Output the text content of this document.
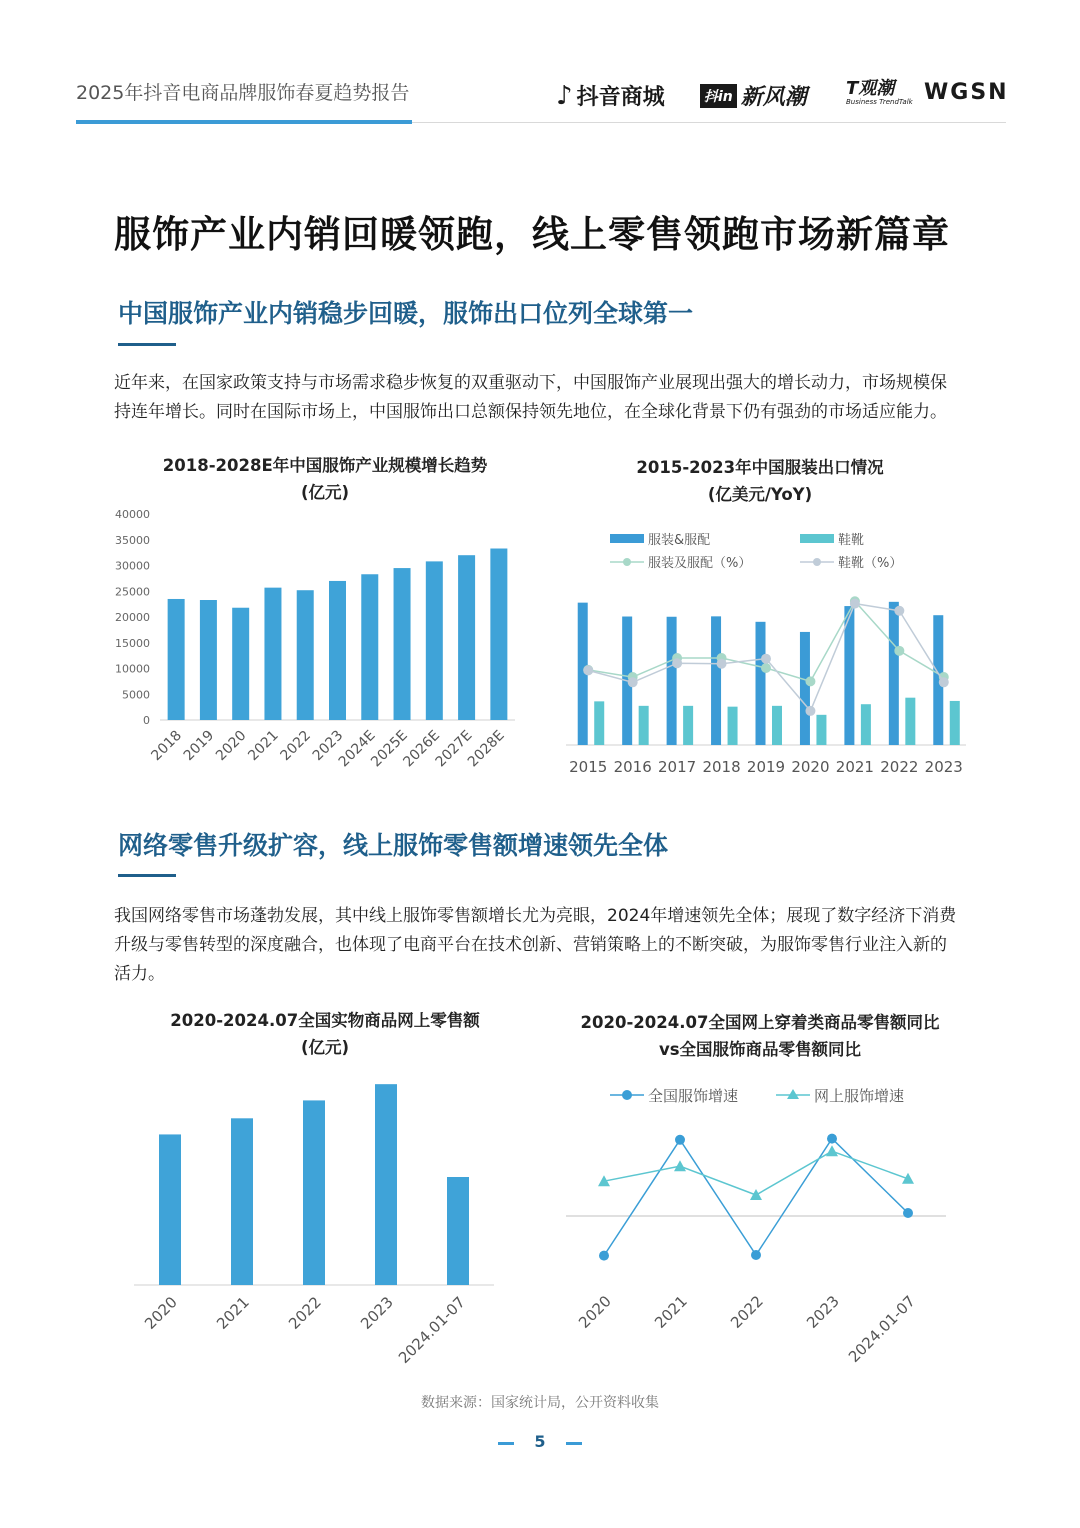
2025年抖音电商品牌服饰春夏趋势报告	♪ 抖音商城	抖in 新风潮 T观潮
Business TrendTalk WGSN
服饰产业内销回暖领跑，线上零售领跑市场新篇章
中国服饰产业内销稳步回暖，服饰出口位列全球第一
近年来，在国家政策支持与市场需求稳步恢复的双重驱动下，中国服饰产业展现出强大的增长动力，市场规模保
持连年增长。同时在国际市场上，中国服饰出口总额保持领先地位，在全球化背景下仍有强劲的市场适应能力。
2018-2028E年中国服饰产业规模增长趋势
(亿元)
40000
35000
30000
25000
20000
15000
10000
5000
0
2018
2019
2020
2021
2022
2023
2024E
2025E
2026E
2027E
2028E
2015-2023年中国服装出口情况
(亿美元/YoY)
服装&服配	鞋靴
服装及服配（%）	鞋靴（%）
2015 2016 2017 2018 2019 2020 2021 2022 2023
网络零售升级扩容，线上服饰零售额增速领先全体
我国网络零售市场蓬勃发展，其中线上服饰零售额增长尤为亮眼，2024年增速领先全体；展现了数字经济下消费
升级与零售转型的深度融合，也体现了电商平台在技术创新、营销策略上的不断突破，为服饰零售行业注入新的
活力。
2020-2024.07全国实物商品网上零售额
(亿元)
2020 2021 2022 2023
2024.01-07
2020-2024.07全国网上穿着类商品零售额同比
vs全国服饰商品零售额同比
全国服饰增速	网上服饰增速
2020 2021 2022 2023 2024.01-07
数据来源：国家统计局，公开资料收集
5
